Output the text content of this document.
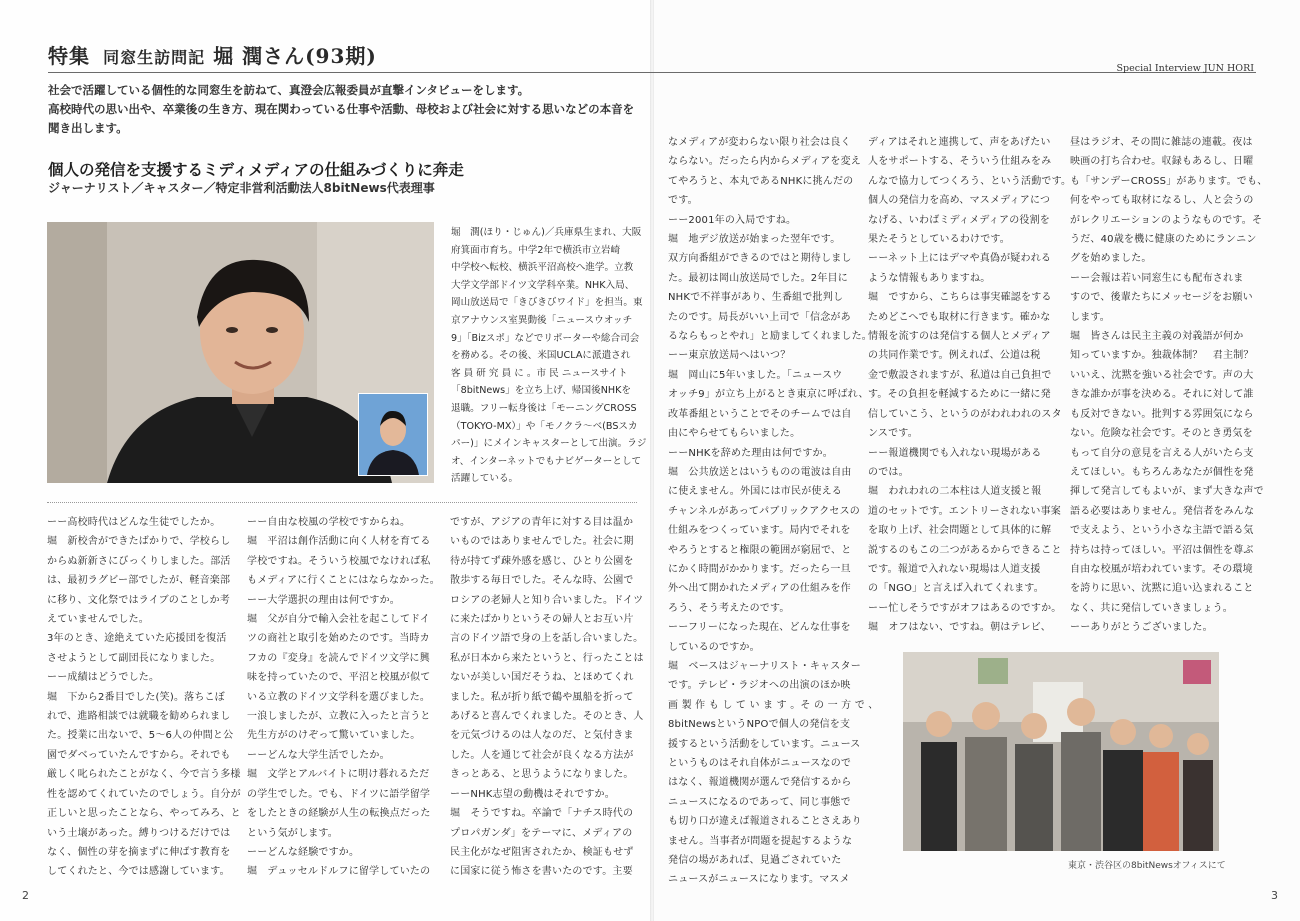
特集 同窓生訪問記 堀 潤さん(93期)
Special Interview JUN HORI
社会で活躍している個性的な同窓生を訪ねて、真澄会広報委員が直撃インタビューをします。
高校時代の思い出や、卒業後の生き方、現在関わっている仕事や活動、母校および社会に対する思いなどの本音を
聞き出します。
個人の発信を支援するミディメディアの仕組みづくりに奔走
ジャーナリスト／キャスター／特定非営利活動法人8bitNews代表理事
堀　潤(ほり・じゅん)／兵庫県生まれ、大阪
府箕面市育ち。中学2年で横浜市立岩崎
中学校へ転校、横浜平沼高校へ進学。立教
大学文学部ドイツ文学科卒業。NHK入局、
岡山放送局で「きびきびワイド」を担当。東
京アナウンス室異動後「ニュースウオッチ
9」「Bizスポ」などでリポーターや総合司会
を務める。その後、米国UCLAに派遣され
客 員 研 究 員 に 。市 民 ニュースサイト
「8bitNews」を立ち上げ、帰国後NHKを
退職。フリー転身後は「モーニングCROSS
（TOKYO-MX）」や「モノクラ～ベ(BSスカ
パー)」にメインキャスターとして出演。ラジ
オ、インターネットでもナビゲーターとして
活躍している。
ーー高校時代はどんな生徒でしたか。
堀　新校舎ができたばかりで、学校らし
からぬ新新さにびっくりしました。部活
は、最初ラグビー部でしたが、軽音楽部
に移り、文化祭ではライブのことしか考
えていませんでした。
3年のとき、途絶えていた応援団を復活
させようとして副団長になりました。
ーー成績はどうでした。
堀　下から2番目でした(笑)。落ちこぼ
れで、進路相談では就職を勧められまし
た。授業に出ないで、5～6人の仲間と公
園でダベっていたんですから。それでも
厳しく叱られたことがなく、今で言う多様
性を認めてくれていたのでしょう。自分が
正しいと思ったことなら、やってみろ、と
いう土壌があった。縛りつけるだけでは
なく、個性の芽を摘まずに伸ばす教育を
してくれたと、今では感謝しています。
ーー自由な校風の学校ですからね。
堀　平沼は創作活動に向く人材を育てる
学校ですね。そういう校風でなければ私
もメディアに行くことにはならなかった。
ーー大学選択の理由は何ですか。
堀　父が自分で輸入会社を起こしてドイ
ツの商社と取引を始めたのです。当時カ
フカの『変身』を読んでドイツ文学に興
味を持っていたので、平沼と校風が似て
いる立教のドイツ文学科を選びました。
一浪しましたが、立教に入ったと言うと
先生方がのけぞって驚いていました。
ーーどんな大学生活でしたか。
堀　文学とアルバイトに明け暮れるただ
の学生でした。でも、ドイツに語学留学
をしたときの経験が人生の転換点だった
という気がします。
ーーどんな経験ですか。
堀　デュッセルドルフに留学していたの
ですが、アジアの青年に対する目は温か
いものではありませんでした。社会に期
待が持てず疎外感を感じ、ひとり公園を
散歩する毎日でした。そんな時、公園で
ロシアの老婦人と知り合いました。ドイツ
に来たばかりというその婦人とお互い片
言のドイツ語で身の上を話し合いました。
私が日本から来たというと、行ったことは
ないが美しい国だそうね、とほめてくれ
ました。私が折り紙で鶴や風船を折って
あげると喜んでくれました。そのとき、人
を元気づけるのは人なのだ、と気付きま
した。人を通じて社会が良くなる方法が
きっとある、と思うようになりました。
ーーNHK志望の動機はそれですか。
堀　そうですね。卒論で「ナチス時代の
プロパガンダ」をテーマに、メディアの
民主化がなぜ阻害されたか、検証もせず
に国家に従う怖さを書いたのです。主要
なメディアが変わらない限り社会は良く
ならない。だったら内からメディアを変え
てやろうと、本丸であるNHKに挑んだの
です。
ーー2001年の入局ですね。
堀　地デジ放送が始まった翌年です。
双方向番組ができるのではと期待しまし
た。最初は岡山放送局でした。2年目に
NHKで不祥事があり、生番組で批判し
たのです。局長がいい上司で「信念があ
るならもっとやれ」と励ましてくれました。
ーー東京放送局へはいつ？
堀　岡山に5年いました。「ニュースウ
オッチ9」が立ち上がるとき東京に呼ばれ、
改革番組ということでそのチームでは自
由にやらせてもらいました。
ーーNHKを辞めた理由は何ですか。
堀　公共放送とはいうものの電波は自由
に使えません。外国には市民が使える
チャンネルがあってパブリックアクセスの
仕組みをつくっています。局内でそれを
やろうとすると権限の範囲が窮屈で、と
にかく時間がかかります。だったら一旦
外へ出て開かれたメディアの仕組みを作
ろう、そう考えたのです。
ーーフリーになった現在、どんな仕事を
しているのですか。
堀　ベースはジャーナリスト・キャスター
です。テレビ・ラジオへの出演のほか映
画 製 作 も し て い ま す 。そ の 一 方 で 、
8bitNewsというNPOで個人の発信を支
援するという活動をしています。ニュース
というものはそれ自体がニュースなので
はなく、報道機関が選んで発信するから
ニュースになるのであって、同じ事態で
も切り口が違えば報道されることさえあり
ません。当事者が問題を提起するような
発信の場があれば、見過ごされていた
ニュースがニュースになります。マスメ
ディアはそれと連携して、声をあげたい
人をサポートする、そういう仕組みをみ
んなで協力してつくろう、という活動です。
個人の発信力を高め、マスメディアにつ
なげる、いわばミディメディアの役割を
果たそうとしているわけです。
ーーネット上にはデマや真偽が疑われる
ような情報もありますね。
堀　ですから、こちらは事実確認をする
ためどこへでも取材に行きます。確かな
情報を流すのは発信する個人とメディア
の共同作業です。例えれば、公道は税
金で敷設されますが、私道は自己負担で
す。その負担を軽減するために一緒に発
信していこう、というのがわれわれのスタ
ンスです。
ーー報道機関でも入れない現場がある
のでは。
堀　われわれの二本柱は人道支援と報
道のセットです。エントリーされない事案
を取り上げ、社会問題として具体的に解
説するのもこの二つがあるからできること
です。報道で入れない現場は人道支援
の「NGO」と言えば入れてくれます。
ーー忙しそうですがオフはあるのですか。
堀　オフはない、ですね。朝はテレビ、
昼はラジオ、その間に雑誌の連載。夜は
映画の打ち合わせ。収録もあるし、日曜
も「サンデーCROSS」があります。でも、
何をやっても取材になるし、人と会うの
がレクリエーションのようなものです。そ
うだ、40歳を機に健康のためにランニン
グを始めました。
ーー会報は若い同窓生にも配布されま
すので、後輩たちにメッセージをお願い
します。
堀　皆さんは民主主義の対義語が何か
知っていますか。独裁体制？　君主制？
いいえ、沈黙を強いる社会です。声の大
きな誰かが事を決める。それに対して誰
も反対できない。批判する雰囲気になら
ない。危険な社会です。そのとき勇気を
もって自分の意見を言える人がいたら支
えてほしい。もちろんあなたが個性を発
揮して発言してもよいが、まず大きな声で
語る必要はありません。発信者をみんな
で支えよう、という小さな主語で語る気
持ちは持ってほしい。平沼は個性を尊ぶ
自由な校風が培われています。その環境
を誇りに思い、沈黙に追い込まれること
なく、共に発信していきましょう。
ーーありがとうございました。
東京・渋谷区の8bitNewsオフィスにて
2	3
